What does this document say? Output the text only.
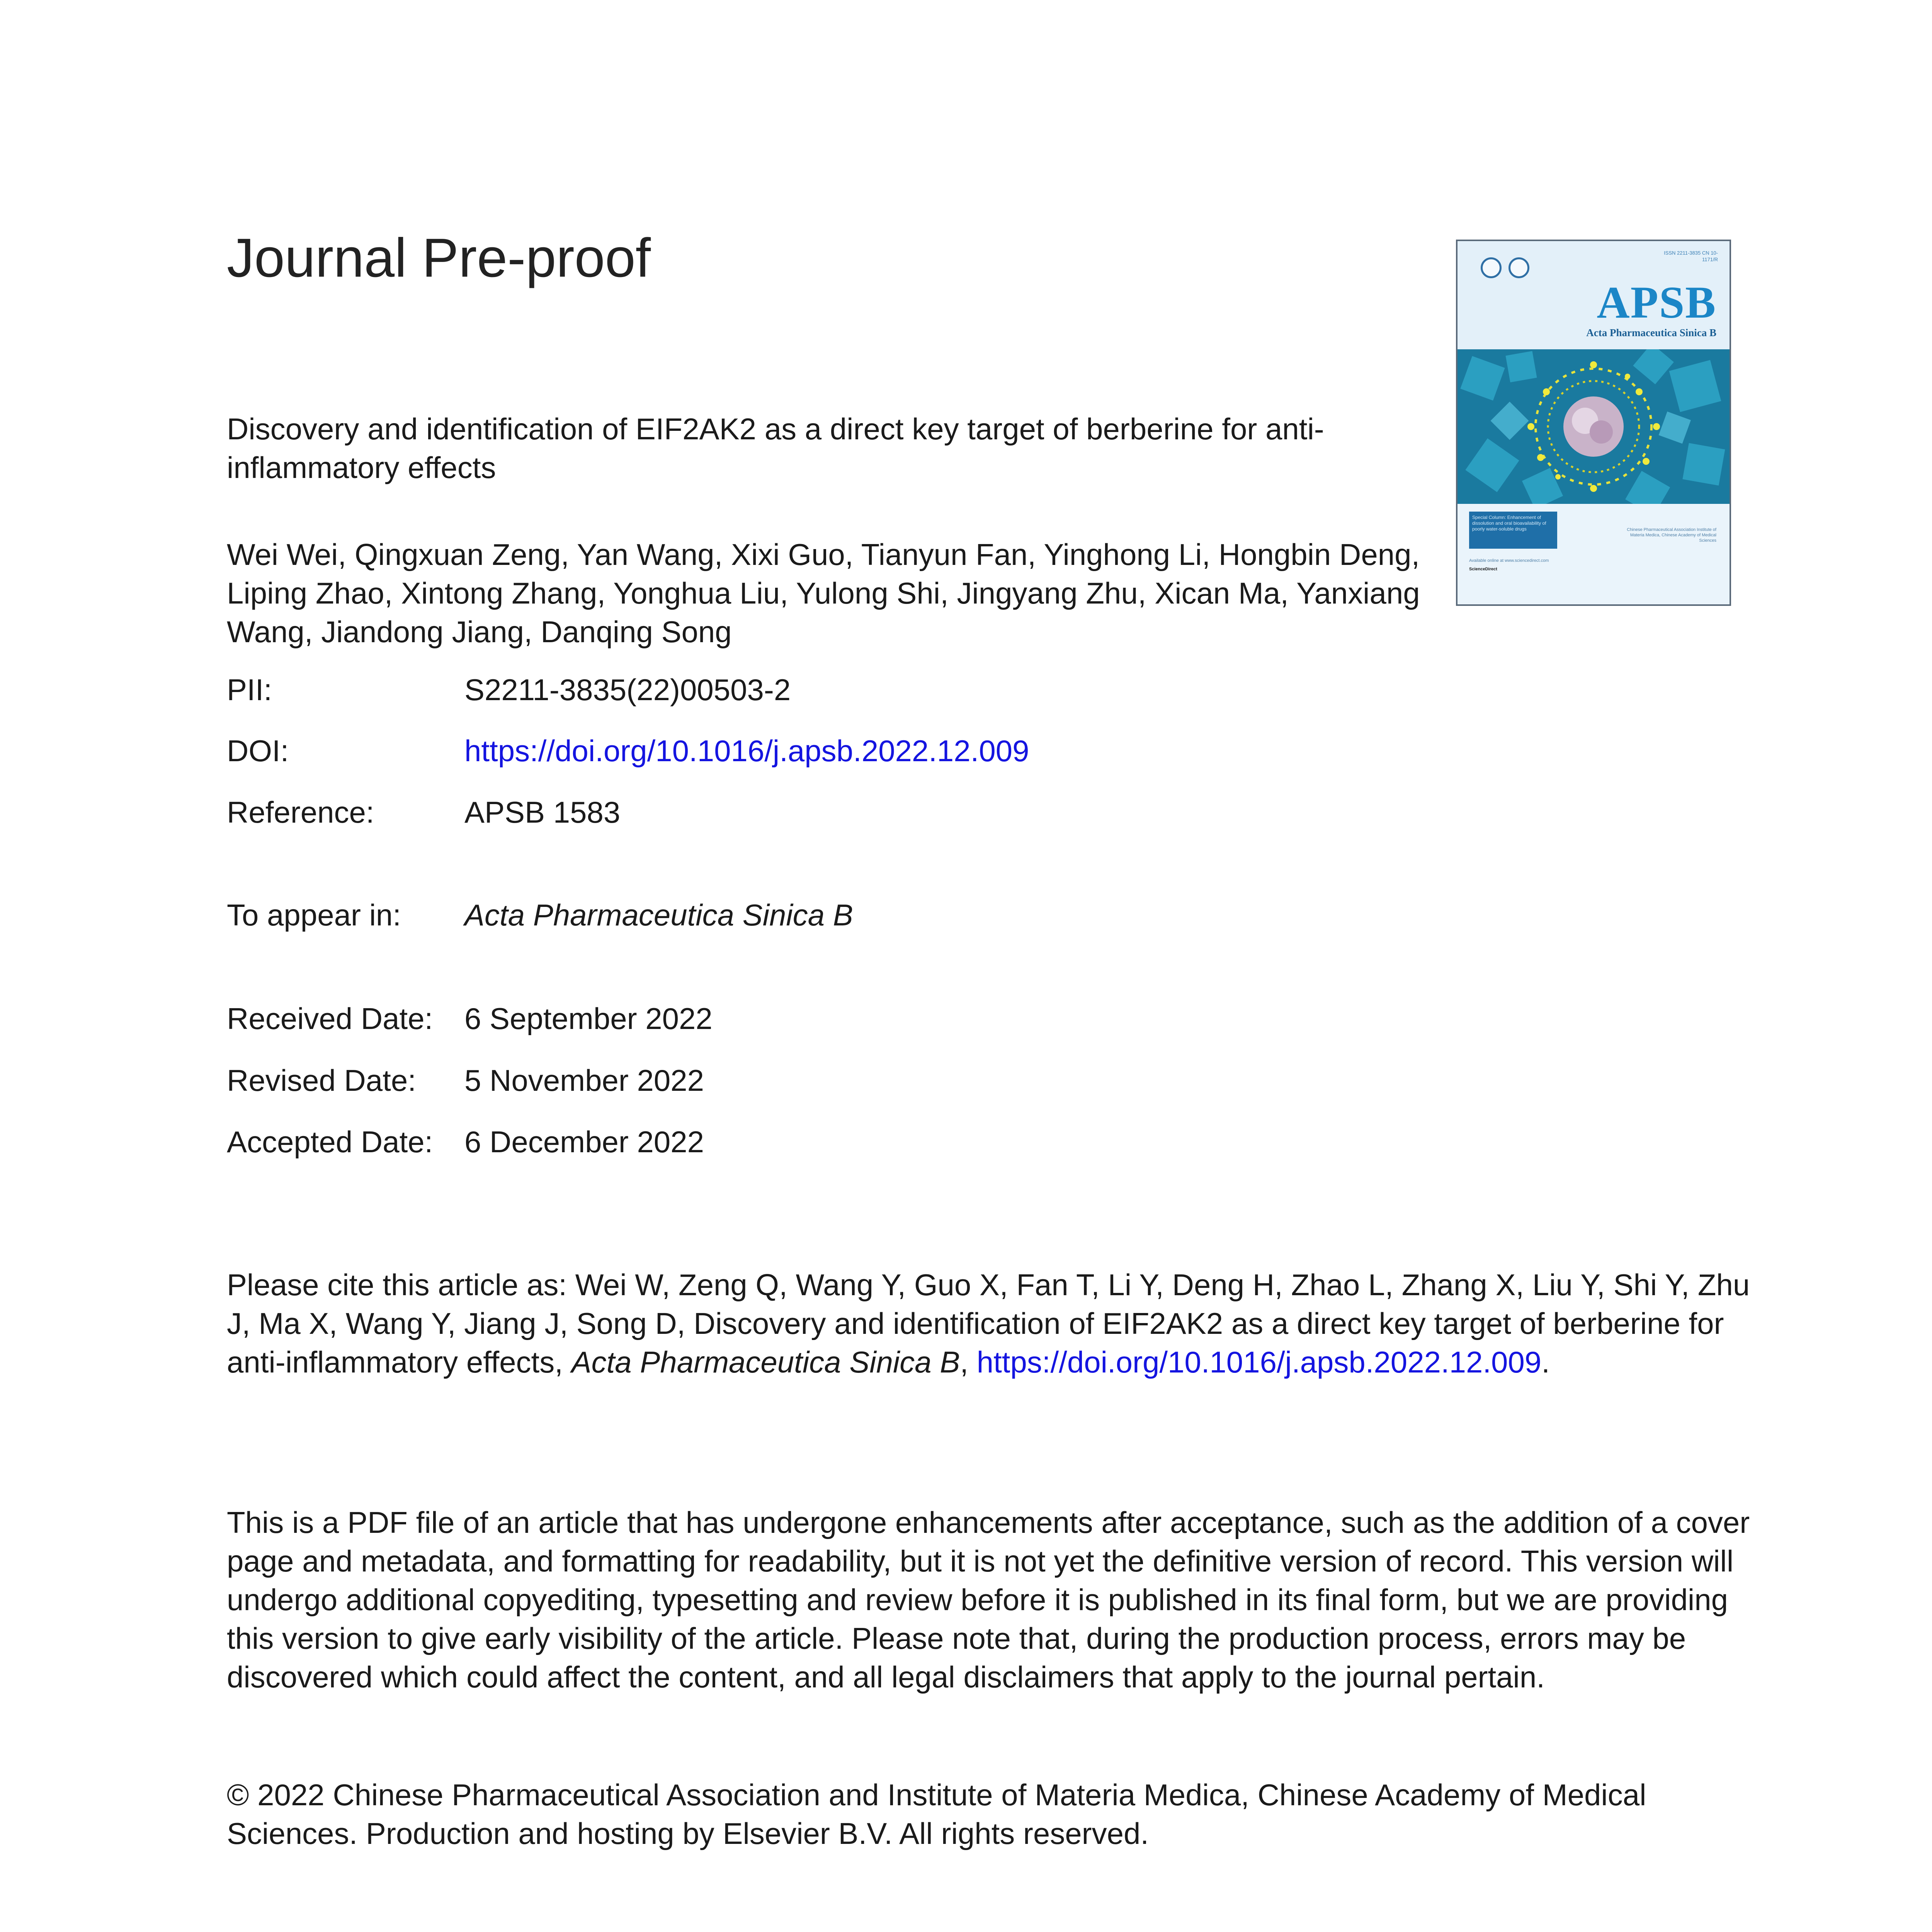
Journal Pre-proof	ISSN 2211-3835 CN 10-1171/R
APSB
Acta Pharmaceutica Sinica B
Special Column: Enhancement of dissolution and oral bioavailability of poorly water-soluble drugs
Available online at www.sciencedirect.com
ScienceDirect
Chinese Pharmaceutical Association Institute of Materia Medica, Chinese Academy of Medical Sciences
Discovery and identification of EIF2AK2 as a direct key target of berberine for anti-inflammatory effects
Wei Wei, Qingxuan Zeng, Yan Wang, Xixi Guo, Tianyun Fan, Yinghong Li, Hongbin Deng, Liping Zhao, Xintong Zhang, Yonghua Liu, Yulong Shi, Jingyang Zhu, Xican Ma, Yanxiang Wang, Jiandong Jiang, Danqing Song
PII:	S2211-3835(22)00503-2
DOI:	https://doi.org/10.1016/j.apsb.2022.12.009
Reference:	APSB 1583
To appear in: Acta Pharmaceutica Sinica B
Received Date: 6 September 2022
Revised Date: 5 November 2022
Accepted Date: 6 December 2022
Please cite this article as: Wei W, Zeng Q, Wang Y, Guo X, Fan T, Li Y, Deng H, Zhao L, Zhang X, Liu Y, Shi Y, Zhu J, Ma X, Wang Y, Jiang J, Song D, Discovery and identification of EIF2AK2 as a direct key target of berberine for anti-inflammatory effects, Acta Pharmaceutica Sinica B, https://doi.org/10.1016/j.apsb.2022.12.009.
This is a PDF file of an article that has undergone enhancements after acceptance, such as the addition of a cover page and metadata, and formatting for readability, but it is not yet the definitive version of record. This version will undergo additional copyediting, typesetting and review before it is published in its final form, but we are providing this version to give early visibility of the article. Please note that, during the production process, errors may be discovered which could affect the content, and all legal disclaimers that apply to the journal pertain.
© 2022 Chinese Pharmaceutical Association and Institute of Materia Medica, Chinese Academy of Medical Sciences. Production and hosting by Elsevier B.V. All rights reserved.
